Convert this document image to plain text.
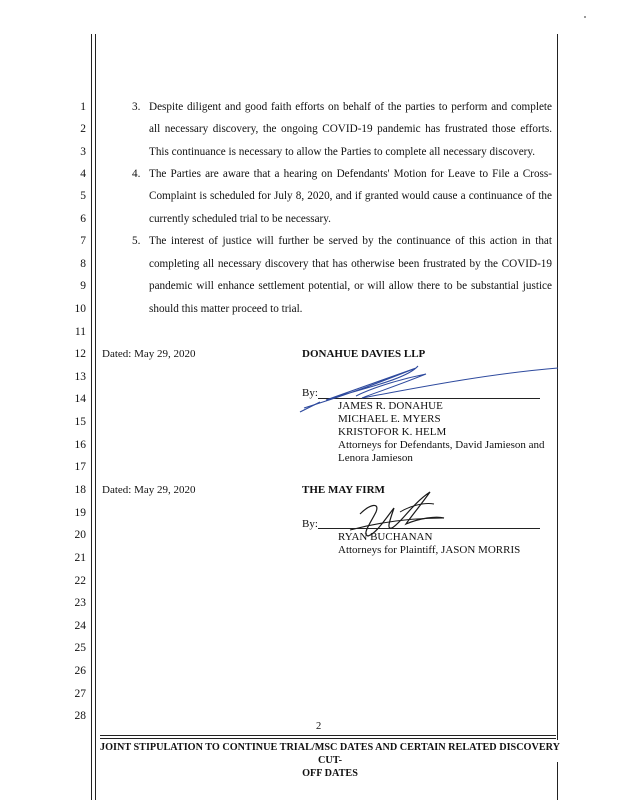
1
2
3
4
5
6
7
8
9
10
11
12
13
14
15
16
17
18
19
20
21
22
23
24
25
26
27
28
3. Despite diligent and good faith efforts on behalf of the parties to perform and complete
all necessary discovery, the ongoing COVID-19 pandemic has frustrated those efforts.
This continuance is necessary to allow the Parties to complete all necessary discovery.
4. The Parties are aware that a hearing on Defendants' Motion for Leave to File a Cross-
Complaint is scheduled for July 8, 2020, and if granted would cause a continuance of the
currently scheduled trial to be necessary.
5. The interest of justice will further be served by the continuance of this action in that
completing all necessary discovery that has otherwise been frustrated by the COVID-19
pandemic will enhance settlement potential, or will allow there to be substantial justice
should this matter proceed to trial.
Dated: May 29, 2020	DONAHUE DAVIES LLP
By:
JAMES R. DONAHUE
MICHAEL E. MYERS
KRISTOFOR K. HELM
Attorneys for Defendants, David Jamieson and
Lenora Jamieson
Dated: May 29, 2020	THE MAY FIRM
By:
RYAN BUCHANAN
Attorneys for Plaintiff, JASON MORRIS
2
JOINT STIPULATION TO CONTINUE TRIAL/MSC DATES AND CERTAIN RELATED DISCOVERY CUT-
OFF DATES
